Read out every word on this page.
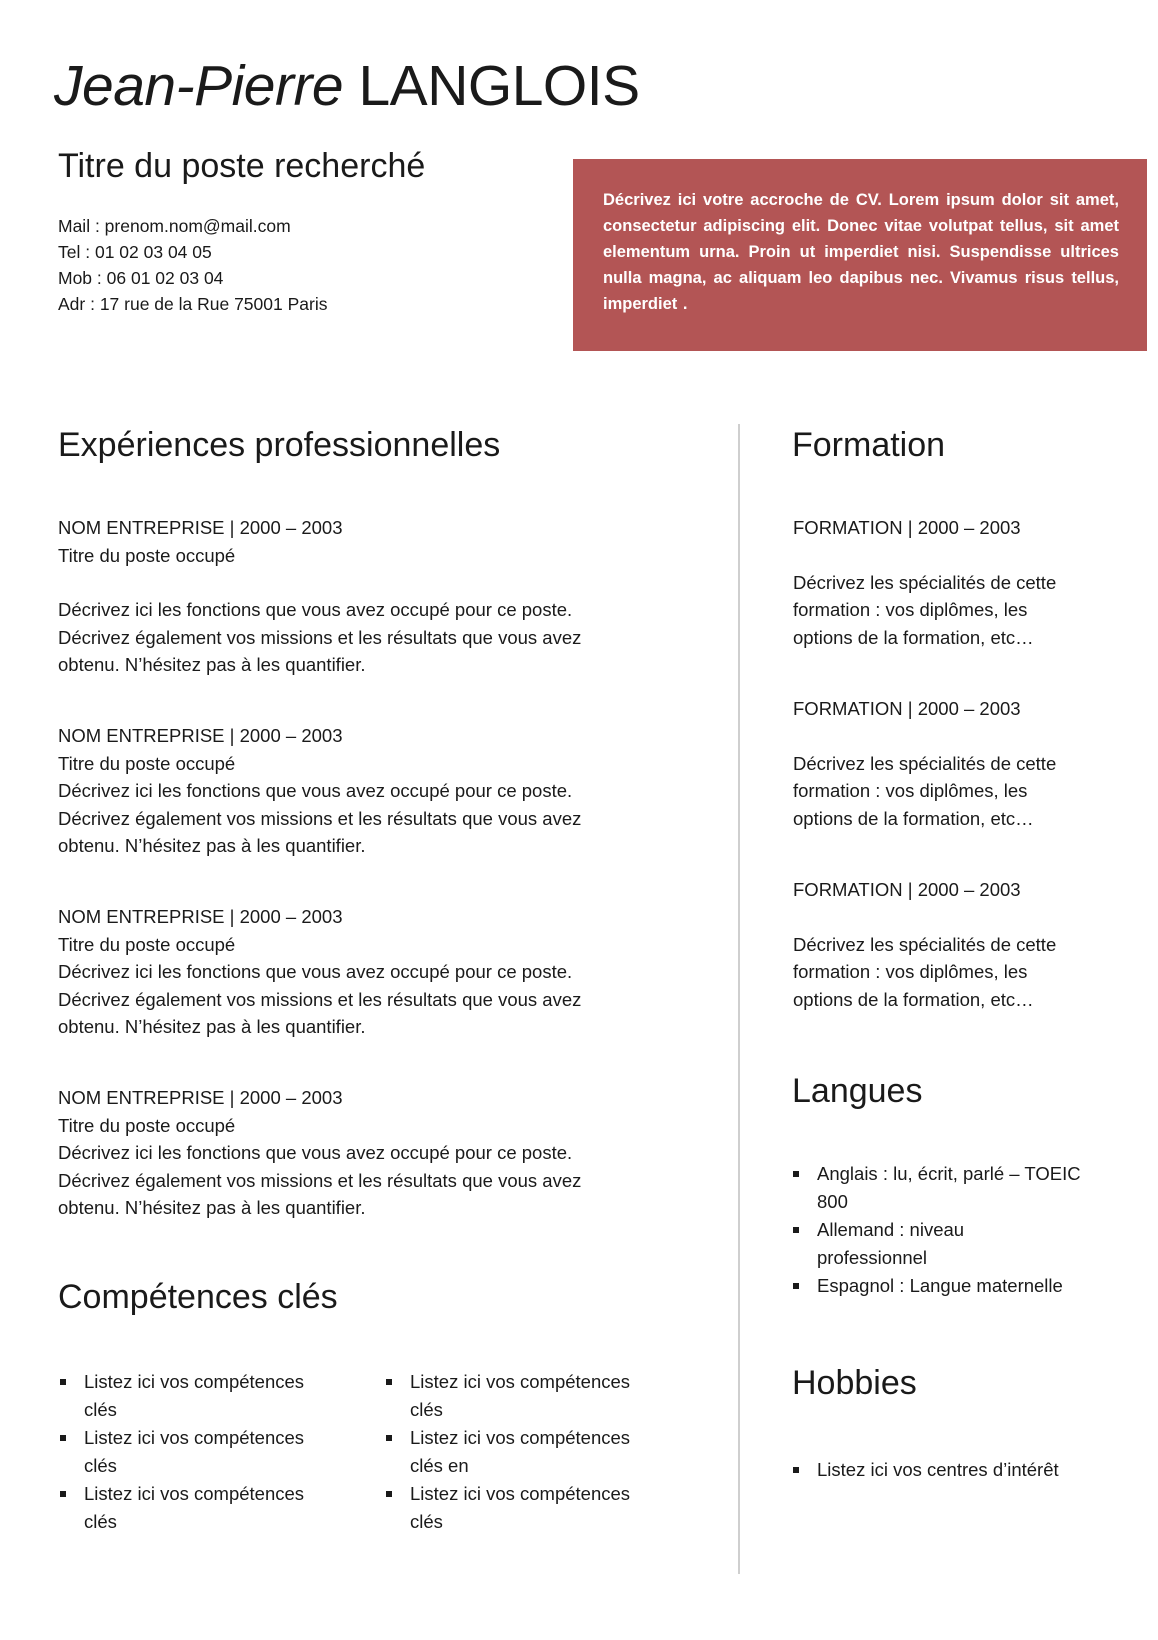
Jean-Pierre LANGLOIS
Titre du poste recherché
Mail : prenom.nom@mail.com
Tel : 01 02 03 04 05
Mob : 06 01 02 03 04
Adr : 17 rue de la Rue 75001 Paris

Décrivez ici votre accroche de CV. Lorem ipsum dolor sit amet, consectetur adipiscing elit. Donec vitae volutpat tellus, sit amet elementum urna. Proin ut imperdiet nisi. Suspendisse ultrices nulla magna, ac aliquam leo dapibus nec. Vivamus risus tellus, imperdiet .

Expériences professionnelles
NOM ENTREPRISE | 2000 – 2003
Titre du poste occupé
Décrivez ici les fonctions que vous avez occupé pour ce poste.
Décrivez également vos missions et les résultats que vous avez
obtenu. N’hésitez pas à les quantifier.
NOM ENTREPRISE | 2000 – 2003
Titre du poste occupé
Décrivez ici les fonctions que vous avez occupé pour ce poste.
Décrivez également vos missions et les résultats que vous avez
obtenu. N’hésitez pas à les quantifier.
NOM ENTREPRISE | 2000 – 2003
Titre du poste occupé
Décrivez ici les fonctions que vous avez occupé pour ce poste.
Décrivez également vos missions et les résultats que vous avez
obtenu. N’hésitez pas à les quantifier.
NOM ENTREPRISE | 2000 – 2003
Titre du poste occupé
Décrivez ici les fonctions que vous avez occupé pour ce poste.
Décrivez également vos missions et les résultats que vous avez
obtenu. N’hésitez pas à les quantifier.
Compétences clés
Listez ici vos compétences
clés
Listez ici vos compétences
clés
Listez ici vos compétences
clés
Listez ici vos compétences
clés
Listez ici vos compétences
clés en
Listez ici vos compétences
clés
Formation
FORMATION | 2000 – 2003
Décrivez les spécialités de cette
formation : vos diplômes, les
options de la formation, etc…
FORMATION | 2000 – 2003
Décrivez les spécialités de cette
formation : vos diplômes, les
options de la formation, etc…
FORMATION | 2000 – 2003
Décrivez les spécialités de cette
formation : vos diplômes, les
options de la formation, etc…
Langues
Anglais : lu, écrit, parlé – TOEIC
800
Allemand : niveau
professionnel
Espagnol : Langue maternelle
Hobbies
Listez ici vos centres d’intérêt
